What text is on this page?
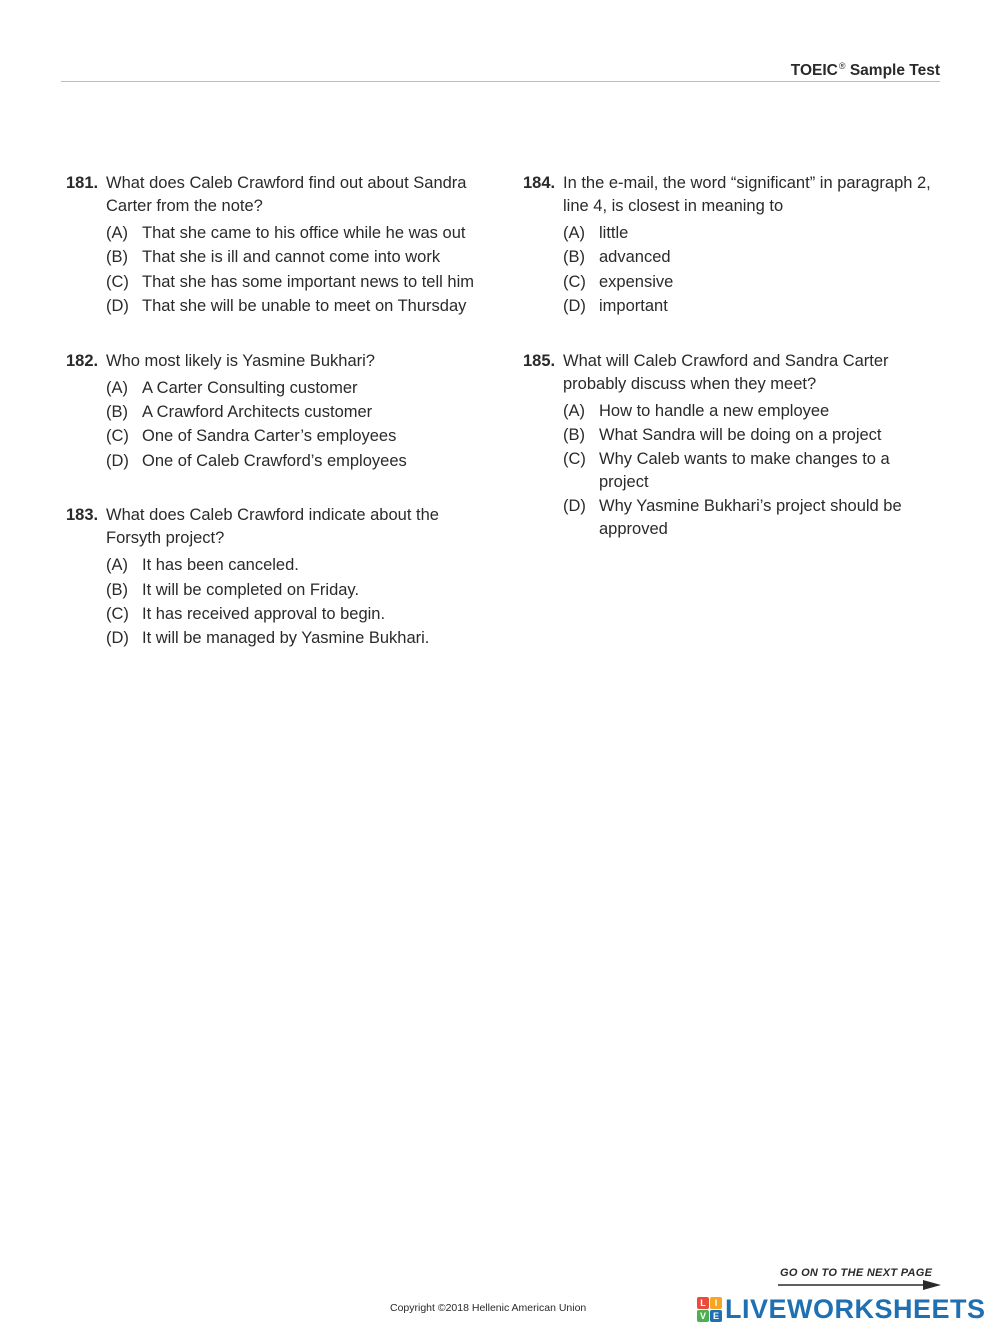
TOEIC® Sample Test
181. What does Caleb Crawford find out about Sandra Carter from the note?
(A) That she came to his office while he was out
(B) That she is ill and cannot come into work
(C) That she has some important news to tell him
(D) That she will be unable to meet on Thursday
182. Who most likely is Yasmine Bukhari?
(A) A Carter Consulting customer
(B) A Crawford Architects customer
(C) One of Sandra Carter’s employees
(D) One of Caleb Crawford’s employees
183. What does Caleb Crawford indicate about the Forsyth project?
(A) It has been canceled.
(B) It will be completed on Friday.
(C) It has received approval to begin.
(D) It will be managed by Yasmine Bukhari.
184. In the e-mail, the word “significant” in paragraph 2, line 4, is closest in meaning to
(A) little
(B) advanced
(C) expensive
(D) important
185. What will Caleb Crawford and Sandra Carter probably discuss when they meet?
(A) How to handle a new employee
(B) What Sandra will be doing on a project
(C) Why Caleb wants to make changes to a project
(D) Why Yasmine Bukhari’s project should be approved
GO ON TO THE NEXT PAGE
Copyright ©2018 Hellenic American Union	L I
V E LIVEWORKSHEETS
